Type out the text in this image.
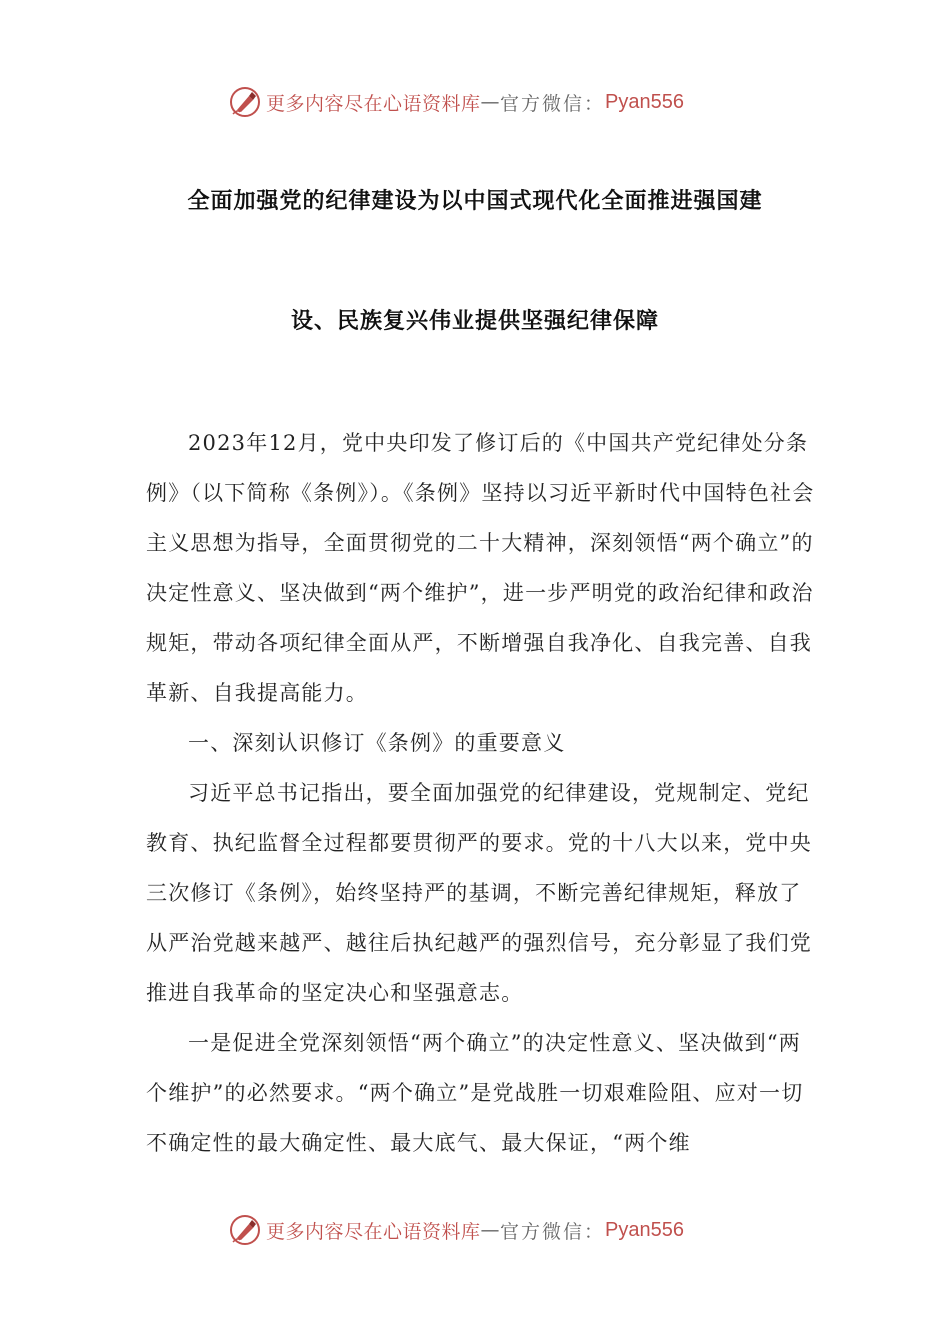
更多内容尽在心语资料库 — 官方微信： Pyan556
全面加强党的纪律建设为以中国式现代化全面推进强国建
设、民族复兴伟业提供坚强纪律保障

2023年12月，党中央印发了修订后的《中国共产党纪律处分条例》（以下简称《条例》）。《条例》坚持以习近平新时代中国特色社会主义思想为指导，全面贯彻党的二十大精神，深刻领悟“两个确立”的决定性意义、坚决做到“两个维护”，进一步严明党的政治纪律和政治规矩，带动各项纪律全面从严，不断增强自我净化、自我完善、自我革新、自我提高能力。

一、深刻认识修订《条例》的重要意义

习近平总书记指出，要全面加强党的纪律建设，党规制定、党纪教育、执纪监督全过程都要贯彻严的要求。党的十八大以来，党中央三次修订《条例》，始终坚持严的基调，不断完善纪律规矩，释放了从严治党越来越严、越往后执纪越严的强烈信号，充分彰显了我们党推进自我革命的坚定决心和坚强意志。

一是促进全党深刻领悟“两个确立”的决定性意义、坚决做到“两个维护”的必然要求。“两个确立”是党战胜一切艰难险阻、应对一切不确定性的最大确定性、最大底气、最大保证，“两个维

更多内容尽在心语资料库 — 官方微信： Pyan556
